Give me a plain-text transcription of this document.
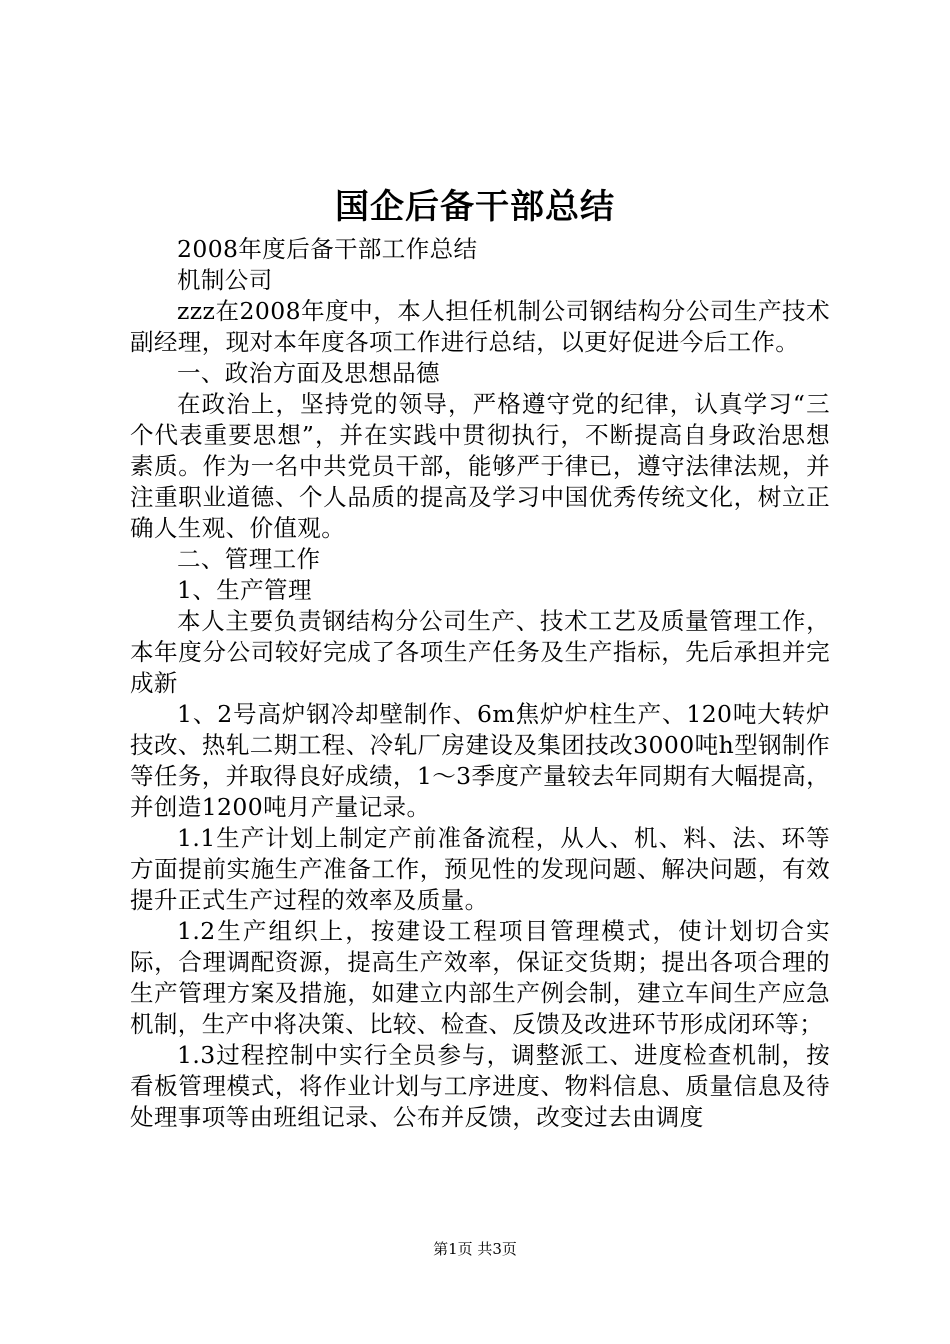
国企后备干部总结

2008年度后备干部工作总结

机制公司

zzz在2008年度中，本人担任机制公司钢结构分公司生产技术副经理，现对本年度各项工作进行总结，以更好促进今后工作。

一、政治方面及思想品德

在政治上，坚持党的领导，严格遵守党的纪律，认真学习“三个代表重要思想”，并在实践中贯彻执行，不断提高自身政治思想素质。作为一名中共党员干部，能够严于律已，遵守法律法规，并注重职业道德、个人品质的提高及学习中国优秀传统文化，树立正确人生观、价值观。

二、管理工作

1、生产管理

本人主要负责钢结构分公司生产、技术工艺及质量管理工作，本年度分公司较好完成了各项生产任务及生产指标，先后承担并完成新

1、2号高炉钢冷却壁制作、6m焦炉炉柱生产、120吨大转炉技改、热轧二期工程、冷轧厂房建设及集团技改3000吨h型钢制作等任务，并取得良好成绩，1～3季度产量较去年同期有大幅提高，并创造1200吨月产量记录。

1.1生产计划上制定产前准备流程，从人、机、料、法、环等方面提前实施生产准备工作，预见性的发现问题、解决问题，有效提升正式生产过程的效率及质量。

1.2生产组织上，按建设工程项目管理模式，使计划切合实际，合理调配资源，提高生产效率，保证交货期；提出各项合理的生产管理方案及措施，如建立内部生产例会制，建立车间生产应急机制，生产中将决策、比较、检查、反馈及改进环节形成闭环等；

1.3过程控制中实行全员参与，调整派工、进度检查机制，按看板管理模式，将作业计划与工序进度、物料信息、质量信息及待处理事项等由班组记录、公布并反馈，改变过去由调度

第1页 共3页
